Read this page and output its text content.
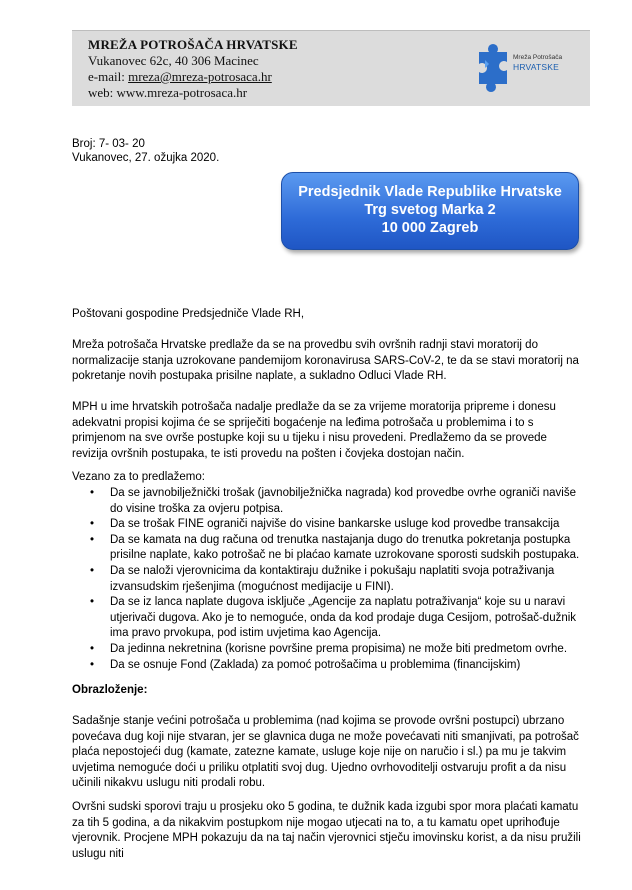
MREŽA POTROŠAČA HRVATSKE
Vukanovec 62c, 40 306 Macinec
e-mail: mreza@mreza-potrosaca.hr
web: www.mreza-potrosaca.hr
Mreža Potrošača
HRVATSKE
Broj: 7- 03- 20
Vukanovec, 27. ožujka 2020.
Predsjednik Vlade Republike Hrvatske
Trg svetog Marka 2
10 000 Zagreb
Poštovani gospodine Predsjedniče Vlade RH,
Mreža potrošača Hrvatske predlaže da se na provedbu svih ovršnih radnji stavi moratorij do normalizacije stanja uzrokovane pandemijom koronavirusa SARS-CoV-2, te da se stavi moratorij na pokretanje novih postupaka prisilne naplate, a sukladno Odluci Vlade RH.
MPH u ime hrvatskih potrošača nadalje predlaže da se za vrijeme moratorija pripreme i donesu adekvatni propisi kojima će se spriječiti bogaćenje na leđima potrošača u problemima i to s primjenom na sve ovrše postupke koji su u tijeku i nisu provedeni. Predlažemo da se provede revizija ovršnih postupaka, te isti provedu na pošten i čovjeka dostojan način.
Vezano za to predlažemo:
• Da se javnobilježnički trošak (javnobilježnička nagrada) kod provedbe ovrhe ograniči naviše do visine troška za ovjeru potpisa.
• Da se trošak FINE ograniči najviše do visine bankarske usluge kod provedbe transakcija
• Da se kamata na dug računa od trenutka nastajanja dugo do trenutka pokretanja postupka prisilne naplate, kako potrošač ne bi plaćao kamate uzrokovane sporosti sudskih postupaka.
• Da se naloži vjerovnicima da kontaktiraju dužnike i pokušaju naplatiti svoja potraživanja izvansudskim rješenjima (mogućnost medijacije u FINI).
• Da se iz lanca naplate dugova isključe „Agencije za naplatu potraživanja“ koje su u naravi utjerivači dugova. Ako je to nemoguće, onda da kod prodaje duga Cesijom, potrošač-dužnik ima pravo prvokupa, pod istim uvjetima kao Agencija.
• Da jedinna nekretnina (korisne površine prema propisima) ne može biti predmetom ovrhe.
• Da se osnuje Fond (Zaklada) za pomoć potrošačima u problemima (financijskim)
Obrazloženje:
Sadašnje stanje većini potrošača u problemima (nad kojima se provode ovršni postupci) ubrzano povećava dug koji nije stvaran, jer se glavnica duga ne može povećavati niti smanjivati, pa potrošač plaća nepostojeći dug (kamate, zatezne kamate, usluge koje nije on naručio i sl.) pa mu je takvim uvjetima nemoguće doći u priliku otplatiti svoj dug. Ujedno ovrhovoditelji ostvaruju profit a da nisu učinili nikakvu uslugu niti prodali robu.
Ovršni sudski sporovi traju u prosjeku oko 5 godina, te dužnik kada izgubi spor mora plaćati kamatu za tih 5 godina, a da nikakvim postupkom nije mogao utjecati na to, a tu kamatu opet uprihođuje vjerovnik. Procjene MPH pokazuju da na taj način vjerovnici stječu imovinsku korist, a da nisu pružili uslugu niti
